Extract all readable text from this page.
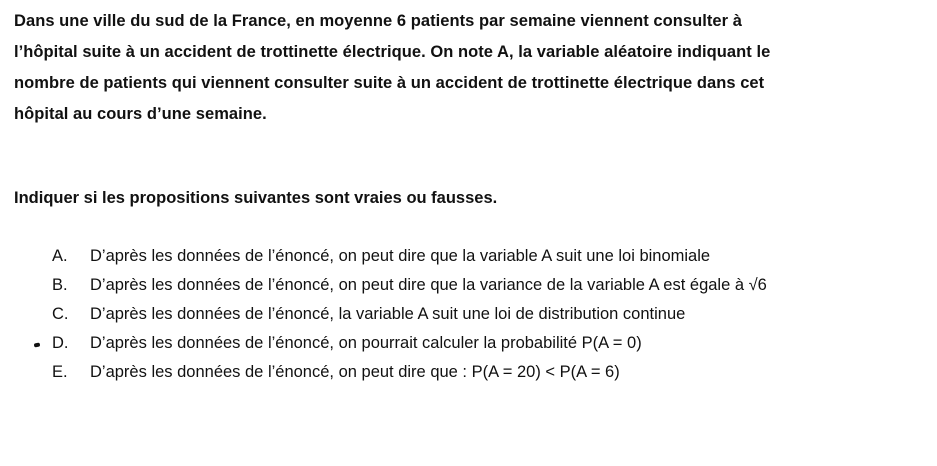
Dans une ville du sud de la France, en moyenne 6 patients par semaine viennent consulter à
l’hôpital suite à un accident de trottinette électrique. On note A, la variable aléatoire indiquant le
nombre de patients qui viennent consulter suite à un accident de trottinette électrique dans cet
hôpital au cours d’une semaine.
Indiquer si les propositions suivantes sont vraies ou fausses.
A. D’après les données de l’énoncé, on peut dire que la variable A suit une loi binomiale
B. D’après les données de l’énoncé, on peut dire que la variance de la variable A est égale à √6
C. D’après les données de l’énoncé, la variable A suit une loi de distribution continue
D. D’après les données de l’énoncé, on pourrait calculer la probabilité P(A = 0)
E. D’après les données de l’énoncé, on peut dire que : P(A = 20) < P(A = 6)
